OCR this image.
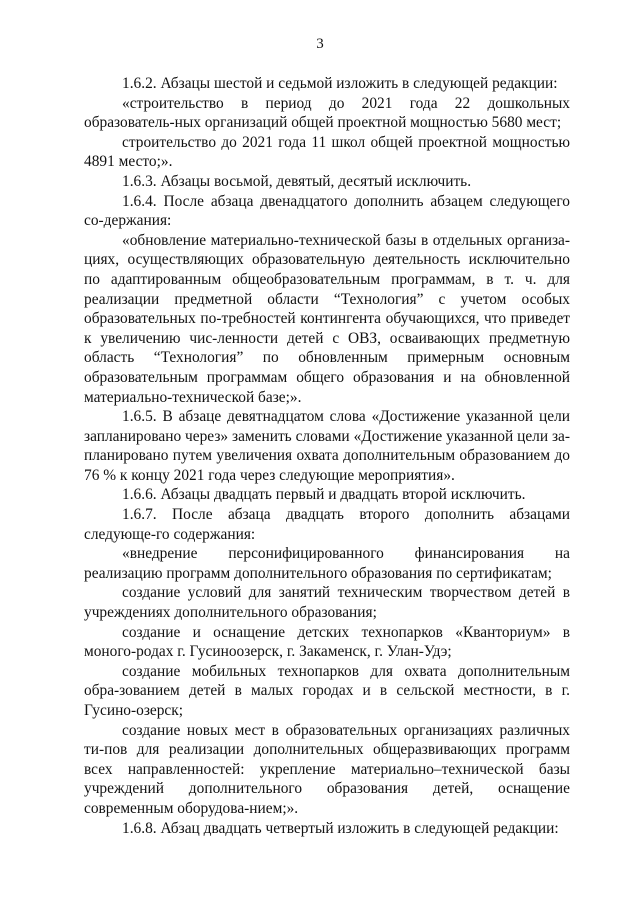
3

1.6.2. Абзацы шестой и седьмой изложить в следующей редакции:

«строительство в период до 2021 года 22 дошкольных образователь-ных организаций общей проектной мощностью 5680 мест;

строительство до 2021 года 11 школ общей проектной мощностью 4891 место;».

1.6.3. Абзацы восьмой, девятый, десятый исключить.

1.6.4. После абзаца двенадцатого дополнить абзацем следующего со-держания:

«обновление материально-технической базы в отдельных организа-циях, осуществляющих образовательную деятельность исключительно по адаптированным общеобразовательным программам, в т. ч. для реализации предметной области “Технология” с учетом особых образовательных по-требностей контингента обучающихся, что приведет к увеличению чис-ленности детей с ОВЗ, осваивающих предметную область “Технология” по обновленным примерным основным образовательным программам общего образования и на обновленной материально-технической базе;».

1.6.5. В абзаце девятнадцатом слова «Достижение указанной цели запланировано через» заменить словами «Достижение указанной цели за-планировано путем увеличения охвата дополнительным образованием до 76 % к концу 2021 года через следующие мероприятия».

1.6.6. Абзацы двадцать первый и двадцать второй исключить.

1.6.7. После абзаца двадцать второго дополнить абзацами следующе-го содержания:

«внедрение персонифицированного финансирования на реализацию программ дополнительного образования по сертификатам;

создание условий для занятий техническим творчеством детей в учреждениях дополнительного образования;

создание и оснащение детских технопарков «Кванториум» в моного-родах г. Гусиноозерск, г. Закаменск, г. Улан-Удэ;

создание мобильных технопарков для охвата дополнительным обра-зованием детей в малых городах и в сельской местности, в г. Гусино-озерск;

создание новых мест в образовательных организациях различных ти-пов для реализации дополнительных общеразвивающих программ всех направленностей: укрепление материально–технической базы учреждений дополнительного образования детей, оснащение современным оборудова-нием;».

1.6.8. Абзац двадцать четвертый изложить в следующей редакции:
